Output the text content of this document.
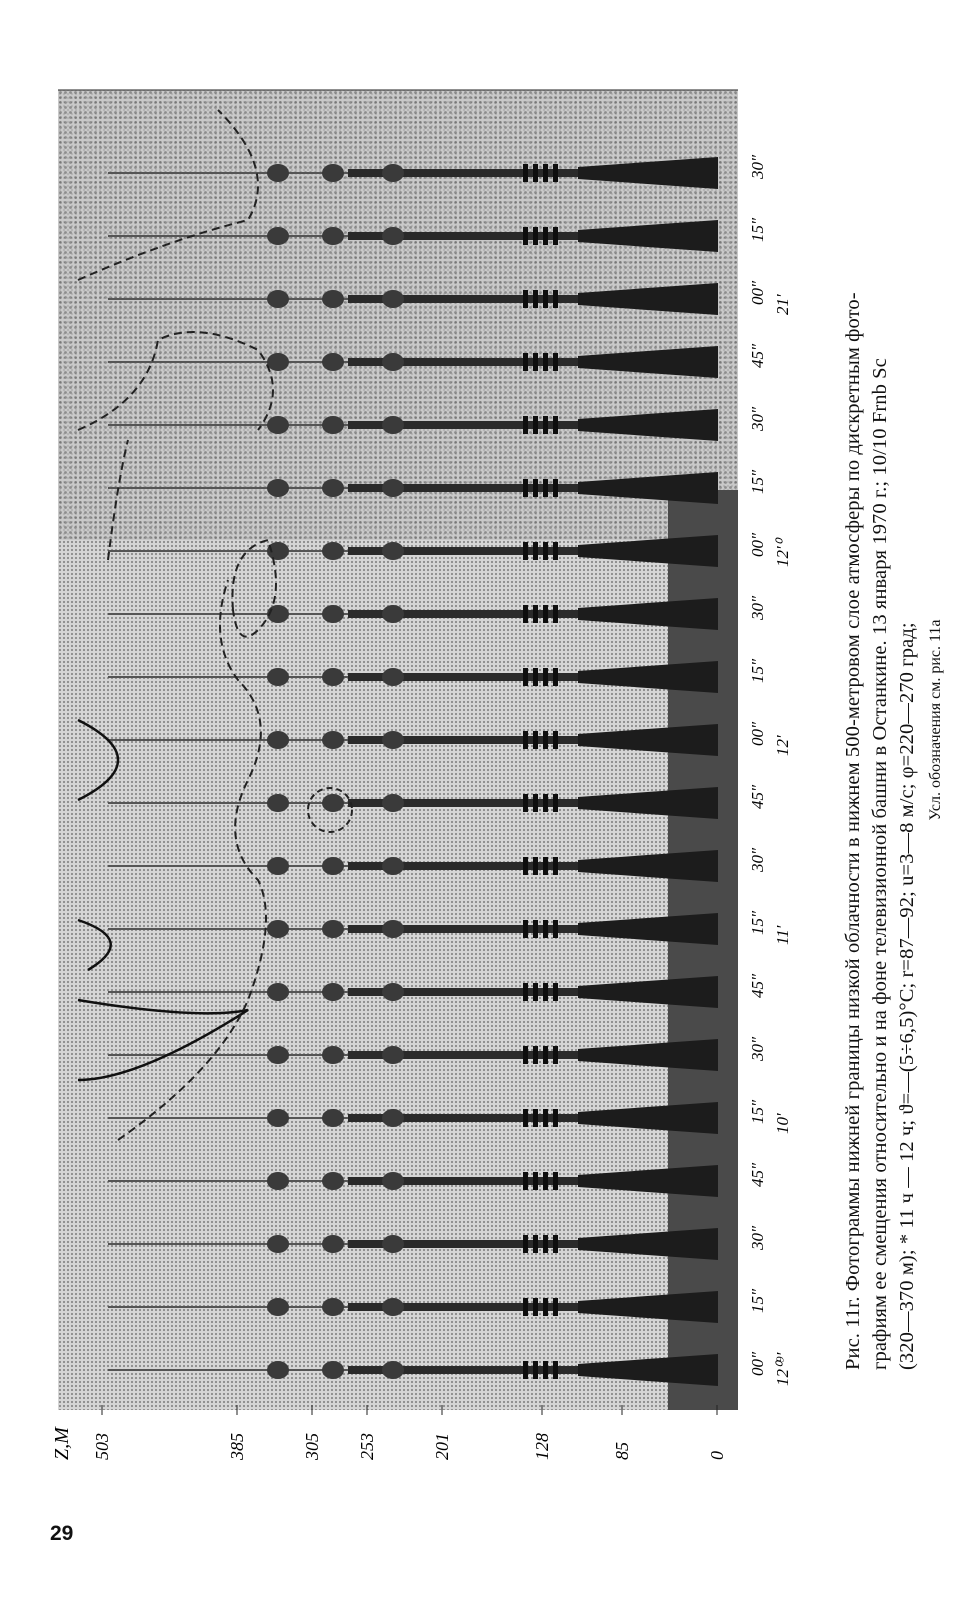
Z,M 503	385	305 253	201	128	85	0
00″ 12⁰⁹′
15″
30″
45″
15″ 10′
30″
45″
15″
11′
30″
45″
00″ 12′
15″
30″
00″ 12′⁰
15″
30″
45″
00″ 21′
15″
30″
Рис. 11г. Фотограммы нижней границы низкой облачности в нижнем 500-метровом слое атмосферы по дискретным фото- графиям ее смещения относительно и на фоне телевизионной башни в Останкине. 13 января 1970 г.; 10/10 Frnb Sc (320—370 м); * 11 ч — 12 ч; ϑ=—(5÷6,5)°C; r=87—92; u=3—8 м/с; φ=220—270 град; Усл. обозначения см. рис. 11а
29
